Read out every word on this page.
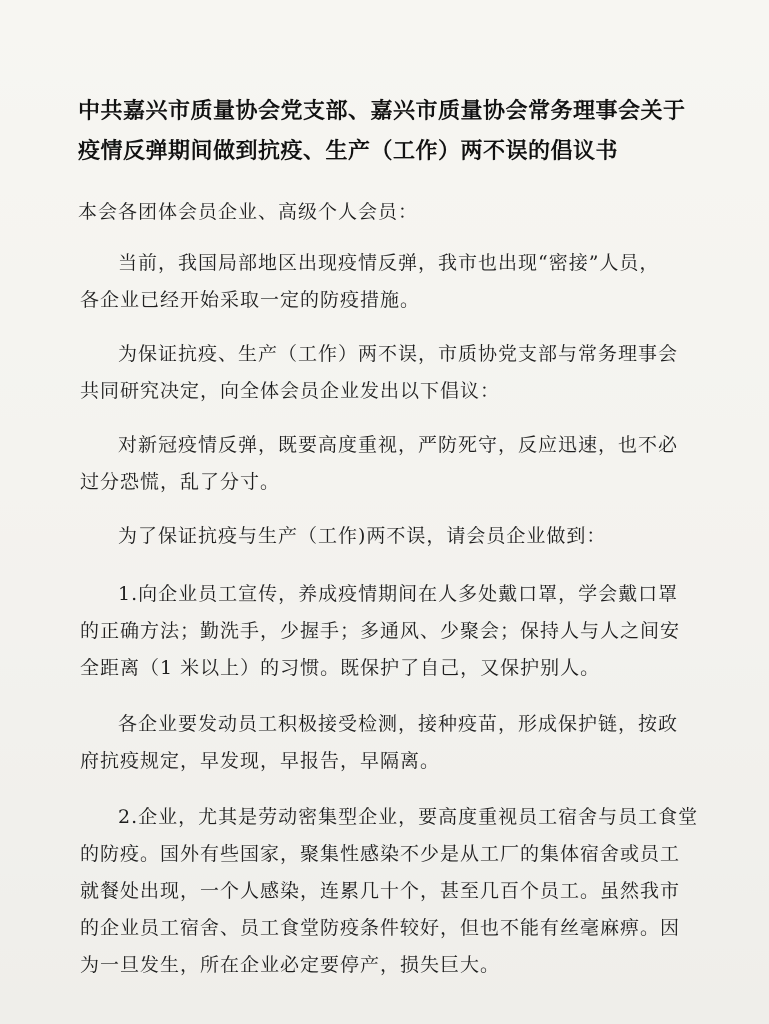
中共嘉兴市质量协会党支部、嘉兴市质量协会常务理事会关于
疫情反弹期间做到抗疫、生产（工作）两不误的倡议书
本会各团体会员企业、高级个人会员：
当前，我国局部地区出现疫情反弹，我市也出现“密接”人员，
各企业已经开始采取一定的防疫措施。
为保证抗疫、生产（工作）两不误，市质协党支部与常务理事会
共同研究决定，向全体会员企业发出以下倡议：
对新冠疫情反弹，既要高度重视，严防死守，反应迅速，也不必
过分恐慌，乱了分寸。
为了保证抗疫与生产（工作)两不误，请会员企业做到：
1.向企业员工宣传，养成疫情期间在人多处戴口罩，学会戴口罩
的正确方法；勤洗手，少握手；多通风、少聚会；保持人与人之间安
全距离（1 米以上）的习惯。既保护了自己，又保护别人。
各企业要发动员工积极接受检测，接种疫苗，形成保护链，按政
府抗疫规定，早发现，早报告，早隔离。
2.企业，尤其是劳动密集型企业，要高度重视员工宿舍与员工食堂
的防疫。国外有些国家，聚集性感染不少是从工厂的集体宿舍或员工
就餐处出现，一个人感染，连累几十个，甚至几百个员工。虽然我市
的企业员工宿舍、员工食堂防疫条件较好，但也不能有丝毫麻痹。因
为一旦发生，所在企业必定要停产，损失巨大。
